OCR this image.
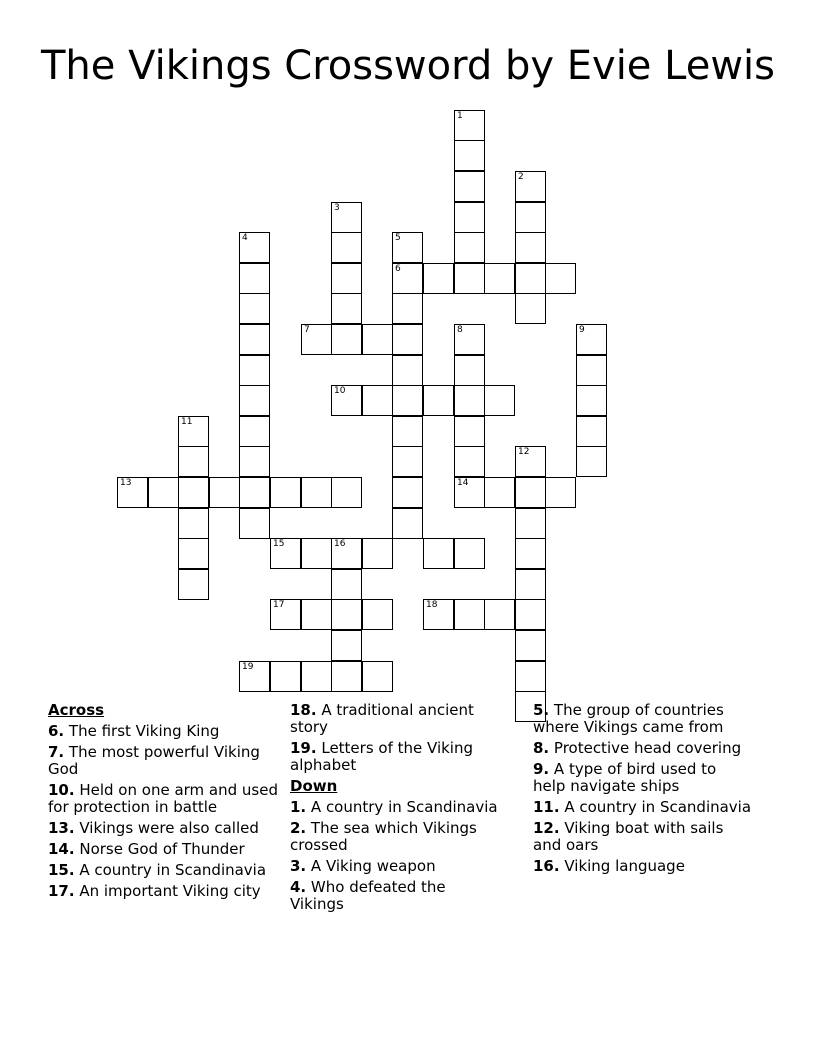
The Vikings Crossword by Evie Lewis
1
2
3
4	5
6
7	8	9
10
11
12
13	14
15	16
17	18
19
Across
6. The first Viking King
7. The most powerful Viking God
10. Held on one arm and used for protection in battle
13. Vikings were also called
14. Norse God of Thunder
15. A country in Scandinavia
17. An important Viking city
18. A traditional ancient story
19. Letters of the Viking alphabet
Down
1. A country in Scandinavia
2. The sea which Vikings crossed
3. A Viking weapon
4. Who defeated the Vikings
5. The group of countries where Vikings came from
8. Protective head covering
9. A type of bird used to help navigate ships
11. A country in Scandinavia
12. Viking boat with sails and oars
16. Viking language
